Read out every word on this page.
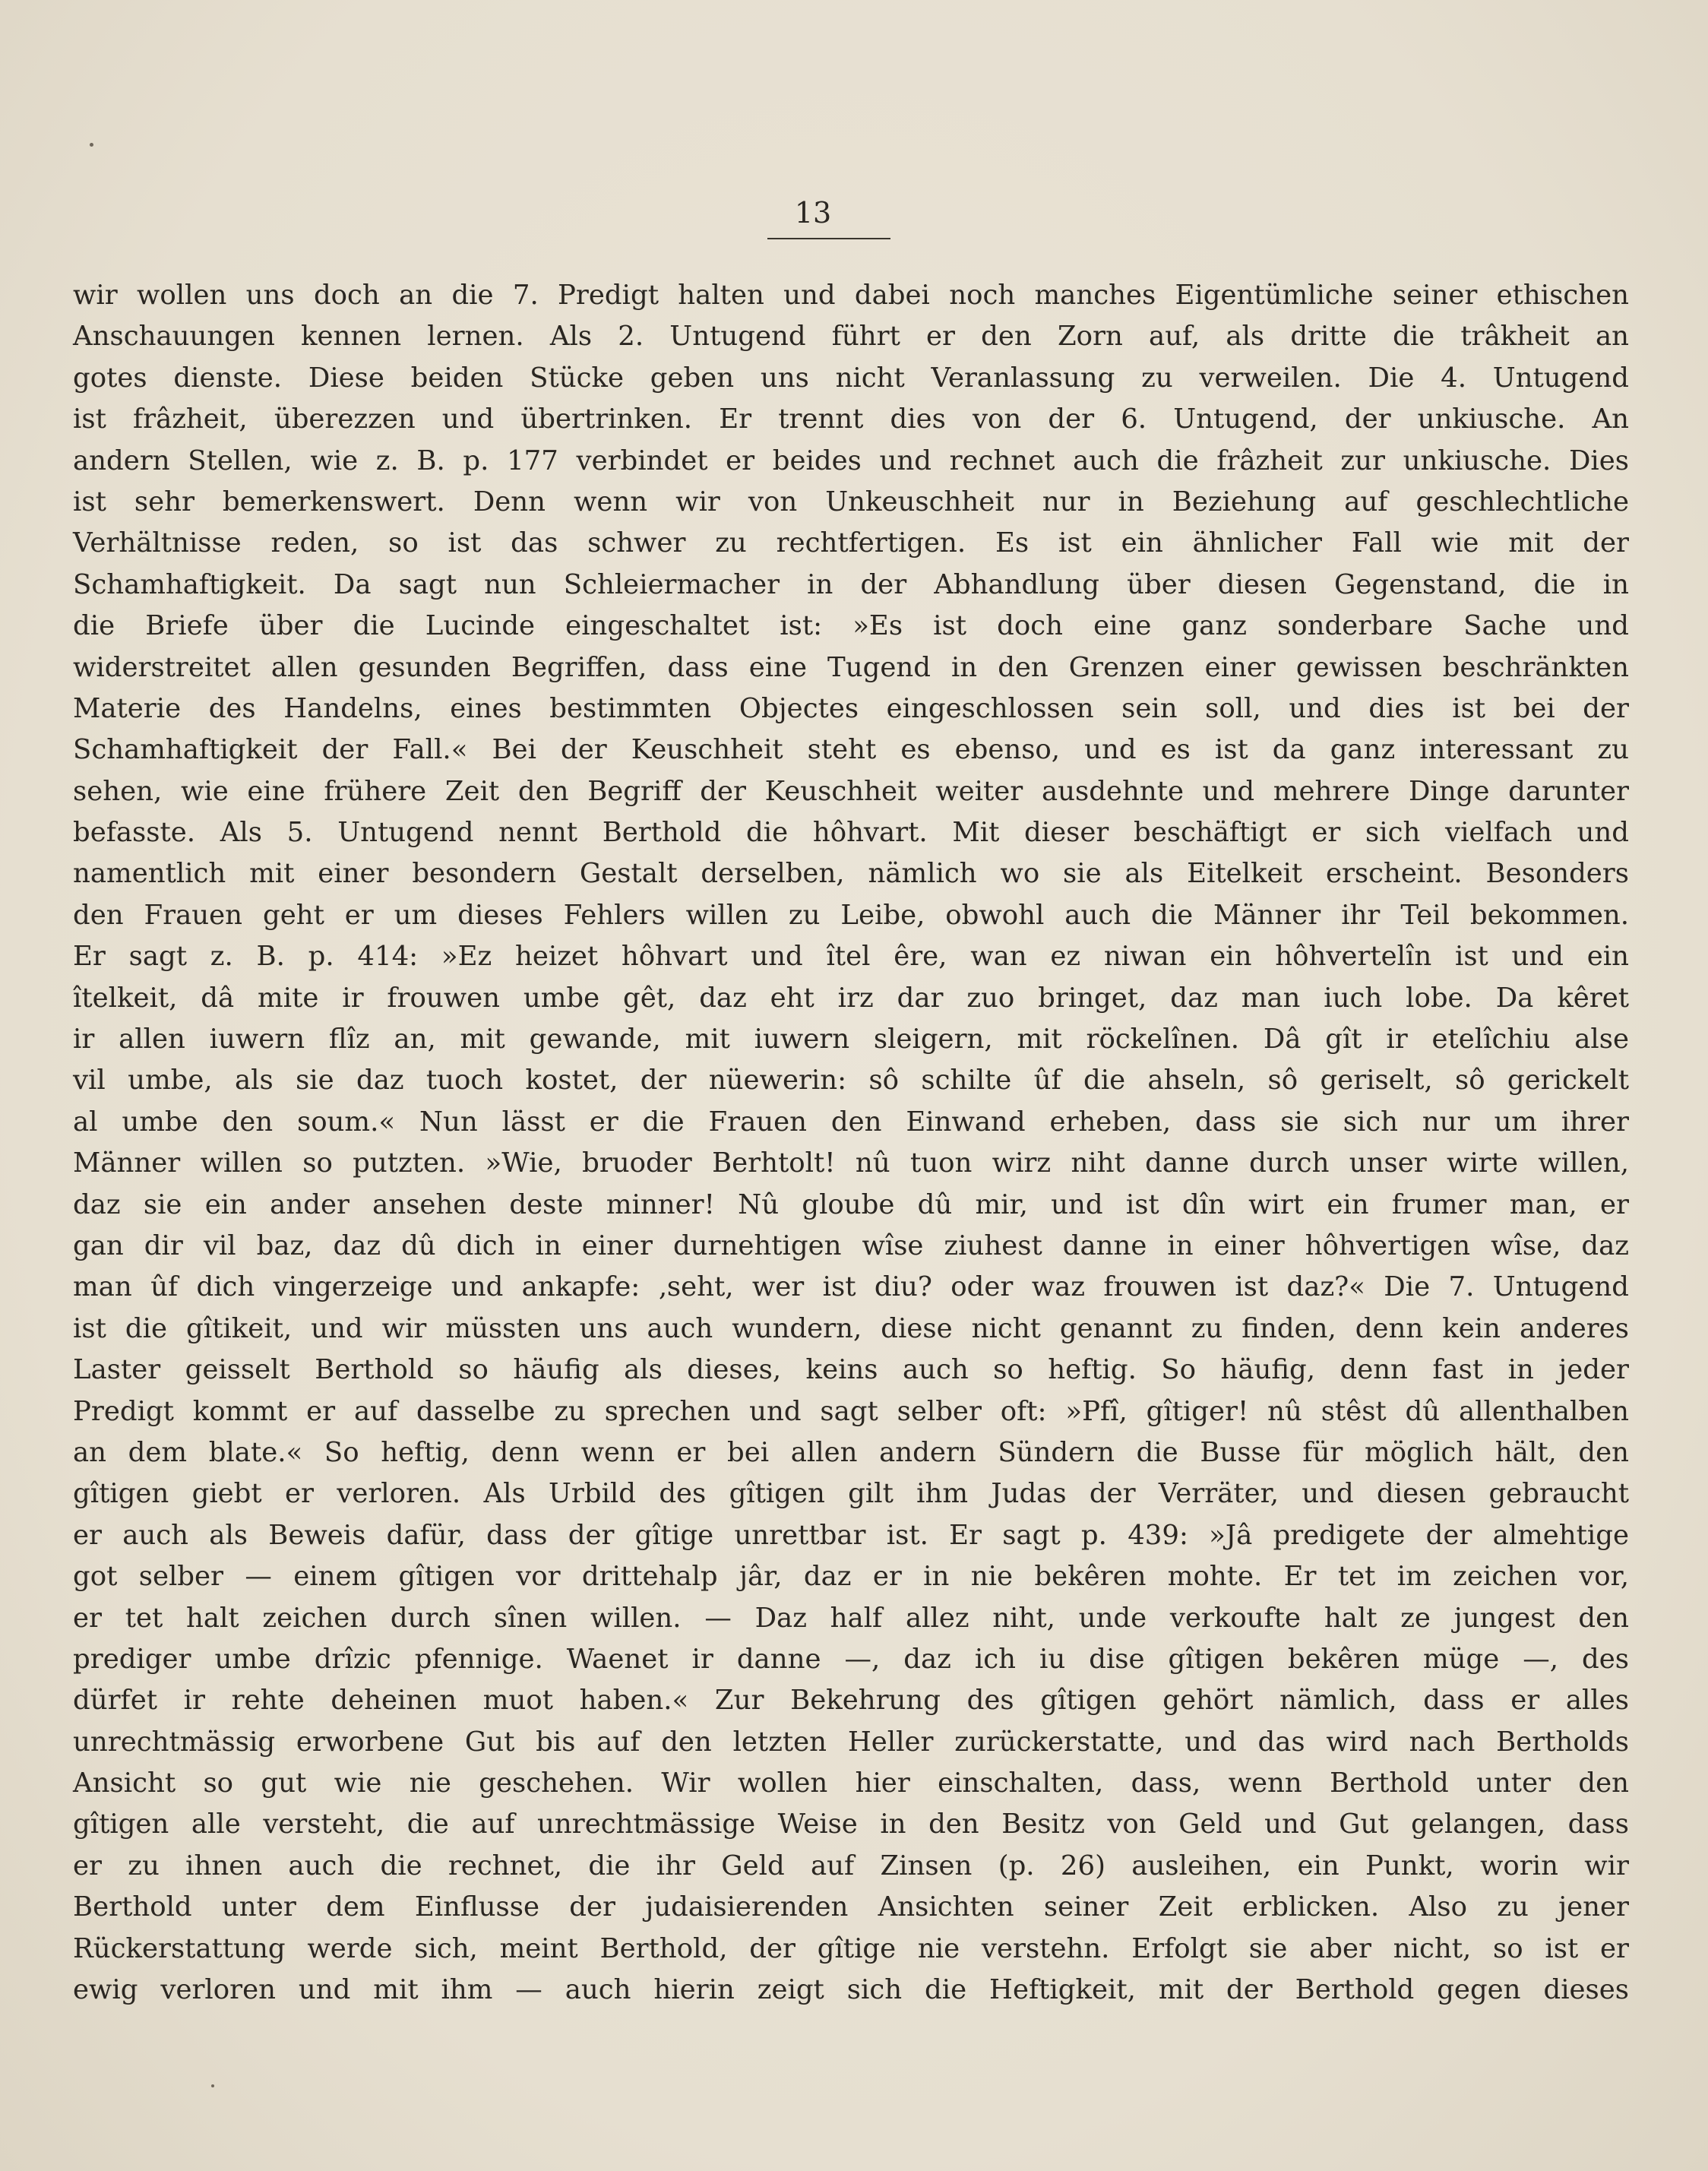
13
wir wollen uns doch an die 7. Predigt halten und dabei noch manches Eigentümliche seiner ethischen
Anschauungen kennen lernen. Als 2. Untugend führt er den Zorn auf, als dritte die trâkheit an
gotes dienste. Diese beiden Stücke geben uns nicht Veranlassung zu verweilen. Die 4. Untugend
ist frâzheit, überezzen und übertrinken. Er trennt dies von der 6. Untugend, der unkiusche. An
andern Stellen, wie z. B. p. 177 verbindet er beides und rechnet auch die frâzheit zur unkiusche. Dies
ist sehr bemerkenswert. Denn wenn wir von Unkeuschheit nur in Beziehung auf geschlechtliche
Verhältnisse reden, so ist das schwer zu rechtfertigen. Es ist ein ähnlicher Fall wie mit der
Schamhaftigkeit. Da sagt nun Schleiermacher in der Abhandlung über diesen Gegenstand, die in
die Briefe über die Lucinde eingeschaltet ist: »Es ist doch eine ganz sonderbare Sache und
widerstreitet allen gesunden Begriffen, dass eine Tugend in den Grenzen einer gewissen beschränkten
Materie des Handelns, eines bestimmten Objectes eingeschlossen sein soll, und dies ist bei der
Schamhaftigkeit der Fall.« Bei der Keuschheit steht es ebenso, und es ist da ganz interessant zu
sehen, wie eine frühere Zeit den Begriff der Keuschheit weiter ausdehnte und mehrere Dinge darunter
befasste. Als 5. Untugend nennt Berthold die hôhvart. Mit dieser beschäftigt er sich vielfach und
namentlich mit einer besondern Gestalt derselben, nämlich wo sie als Eitelkeit erscheint. Besonders
den Frauen geht er um dieses Fehlers willen zu Leibe, obwohl auch die Männer ihr Teil bekommen.
Er sagt z. B. p. 414: »Ez heizet hôhvart und îtel êre, wan ez niwan ein hôhvertelîn ist und ein
îtelkeit, dâ mite ir frouwen umbe gêt, daz eht irz dar zuo bringet, daz man iuch lobe. Da kêret
ir allen iuwern flîz an, mit gewande, mit iuwern sleigern, mit röckelînen. Dâ gît ir etelîchiu alse
vil umbe, als sie daz tuoch kostet, der nüewerin: sô schilte ûf die ahseln, sô geriselt, sô gerickelt
al umbe den soum.« Nun lässt er die Frauen den Einwand erheben, dass sie sich nur um ihrer
Männer willen so putzten. »Wie, bruoder Berhtolt! nû tuon wirz niht danne durch unser wirte willen,
daz sie ein ander ansehen deste minner! Nû gloube dû mir, und ist dîn wirt ein frumer man, er
gan dir vil baz, daz dû dich in einer durnehtigen wîse ziuhest danne in einer hôhvertigen wîse, daz
man ûf dich vingerzeige und ankapfe: ‚seht, wer ist diu? oder waz frouwen ist daz?« Die 7. Untugend
ist die gîtikeit, und wir müssten uns auch wundern, diese nicht genannt zu finden, denn kein anderes
Laster geisselt Berthold so häufig als dieses, keins auch so heftig. So häufig, denn fast in jeder
Predigt kommt er auf dasselbe zu sprechen und sagt selber oft: »Pfî, gîtiger! nû stêst dû allenthalben
an dem blate.« So heftig, denn wenn er bei allen andern Sündern die Busse für möglich hält, den
gîtigen giebt er verloren. Als Urbild des gîtigen gilt ihm Judas der Verräter, und diesen gebraucht
er auch als Beweis dafür, dass der gîtige unrettbar ist. Er sagt p. 439: »Jâ predigete der almehtige
got selber — einem gîtigen vor drittehalp jâr, daz er in nie bekêren mohte. Er tet im zeichen vor,
er tet halt zeichen durch sînen willen. — Daz half allez niht, unde verkoufte halt ze jungest den
prediger umbe drîzic pfennige. Waenet ir danne —, daz ich iu dise gîtigen bekêren müge —, des
dürfet ir rehte deheinen muot haben.« Zur Bekehrung des gîtigen gehört nämlich, dass er alles
unrechtmässig erworbene Gut bis auf den letzten Heller zurückerstatte, und das wird nach Bertholds
Ansicht so gut wie nie geschehen. Wir wollen hier einschalten, dass, wenn Berthold unter den
gîtigen alle versteht, die auf unrechtmässige Weise in den Besitz von Geld und Gut gelangen, dass
er zu ihnen auch die rechnet, die ihr Geld auf Zinsen (p. 26) ausleihen, ein Punkt, worin wir
Berthold unter dem Einflusse der judaisierenden Ansichten seiner Zeit erblicken. Also zu jener
Rückerstattung werde sich, meint Berthold, der gîtige nie verstehn. Erfolgt sie aber nicht, so ist er
ewig verloren und mit ihm — auch hierin zeigt sich die Heftigkeit, mit der Berthold gegen dieses
